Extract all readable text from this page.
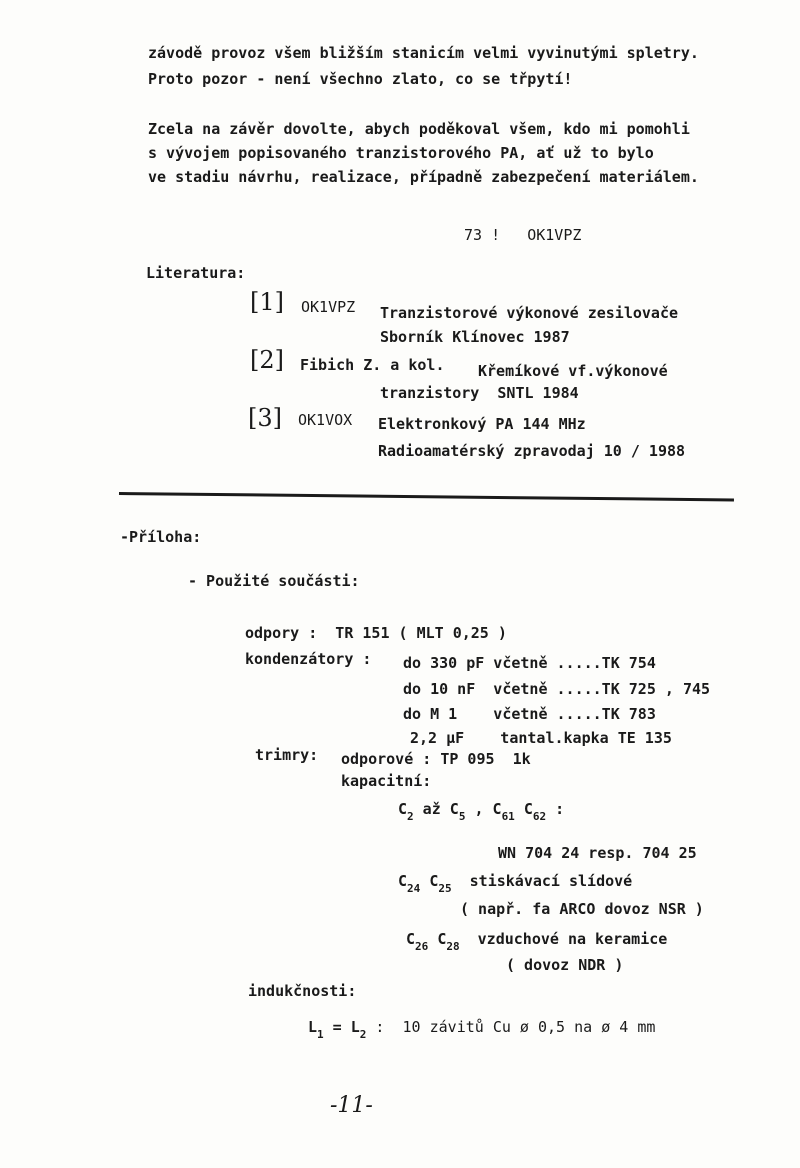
závodě provoz všem bližším stanicím velmi vyvinutými spletry.
Proto pozor - není všechno zlato, co se třpytí!
Zcela na závěr dovolte, abych poděkoval všem, kdo mi pomohli
s vývojem popisovaného tranzistorového PA, ať už to bylo
ve stadiu návrhu, realizace, případně zabezpečení materiálem.
73 !   OK1VPZ
Literatura:
[1] OK1VPZ Tranzistorové výkonové zesilovače
Sborník Klínovec 1987
[2] Fibich Z. a kol. Křemíkové vf.výkonové
tranzistory  SNTL 1984
[3] OK1VOX Elektronkový PA 144 MHz
Radioamatérský zpravodaj 10 / 1988
-Příloha:
- Použité součásti:
odpory :  TR 151 ( MLT 0,25 )
kondenzátory : do 330 pF včetně .....TK 754
do 10 nF  včetně .....TK 725 , 745
do M 1    včetně .....TK 783
2,2 µF    tantal.kapka TE 135
trimry: odporové : TP 095  1k
kapacitní:
$C_2$ až $C_5$ , $C_{61}$ $C_{62}$ :
WN 704 24 resp. 704 25
$C_{24}$ $C_{25}$  stiskávací slídové
( např. fa ARCO dovoz NSR )
$C_{26}$ $C_{28}$  vzduchové na keramice
( dovoz NDR )
indukčnosti:
$L_1 = L_2$ :  10 závitů Cu ø 0,5 na ø 4 mm
-11-
